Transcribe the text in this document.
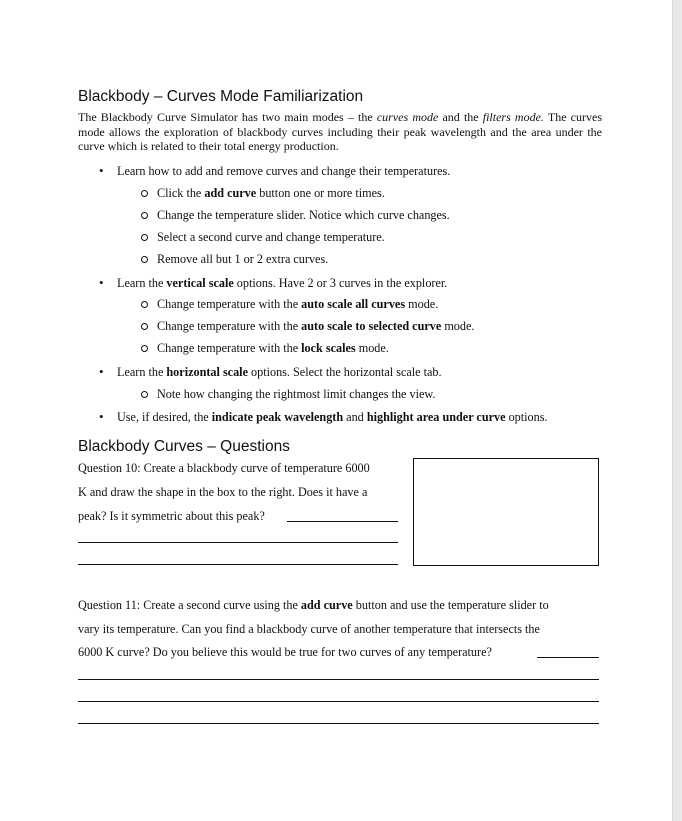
Blackbody – Curves Mode Familiarization
The Blackbody Curve Simulator has two main modes – the curves mode and the filters mode. The curves mode allows the exploration of blackbody curves including their peak wavelength and the area under the curve which is related to their total energy production.
• Learn how to add and remove curves and change their temperatures.
Click the add curve button one or more times.
Change the temperature slider. Notice which curve changes.
Select a second curve and change temperature.
Remove all but 1 or 2 extra curves.
• Learn the vertical scale options. Have 2 or 3 curves in the explorer.
Change temperature with the auto scale all curves mode.
Change temperature with the auto scale to selected curve mode.
Change temperature with the lock scales mode.
• Learn the horizontal scale options. Select the horizontal scale tab.
Note how changing the rightmost limit changes the view.
• Use, if desired, the indicate peak wavelength and highlight area under curve options.
Blackbody Curves – Questions
Question 10: Create a blackbody curve of temperature 6000
K and draw the shape in the box to the right. Does it have a
peak? Is it symmetric about this peak?
Question 11: Create a second curve using the add curve button and use the temperature slider to
vary its temperature. Can you find a blackbody curve of another temperature that intersects the
6000 K curve? Do you believe this would be true for two curves of any temperature?
